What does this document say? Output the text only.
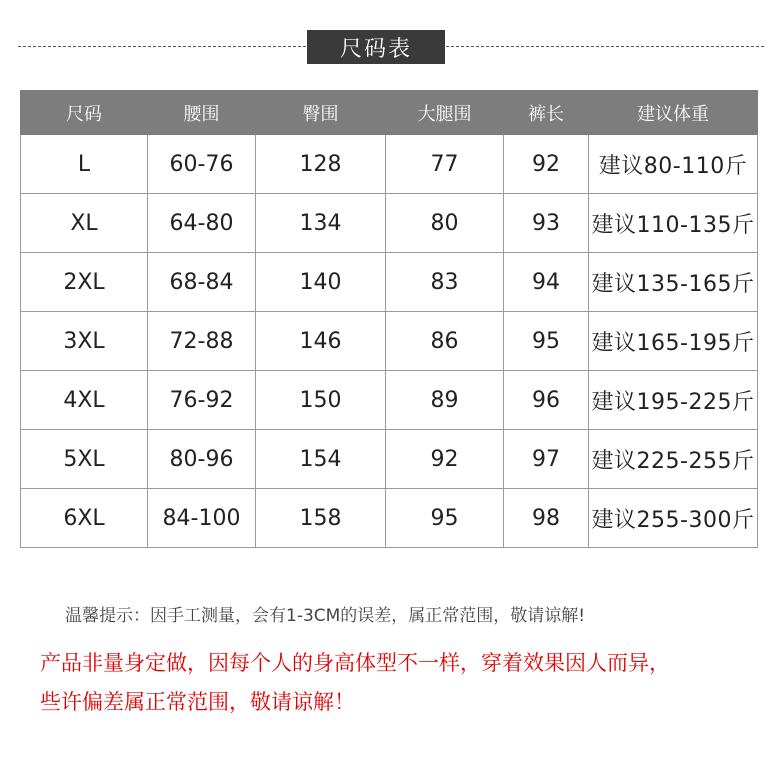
尺码表
尺码	腰围	臀围	大腿围	裤长	建议体重
L	60-76	128	77	92	建议80-110斤
XL	64-80	134	80	93	建议110-135斤
2XL	68-84	140	83	94	建议135-165斤
3XL	72-88	146	86	95	建议165-195斤
4XL	76-92	150	89	96	建议195-225斤
5XL	80-96	154	92	97	建议225-255斤
6XL	84-100	158	95	98	建议255-300斤
温馨提示：因手工测量，会有1-3CM的误差，属正常范围，敬请谅解!
产品非量身定做，因每个人的身高体型不一样，穿着效果因人而异，
些许偏差属正常范围，敬请谅解！
